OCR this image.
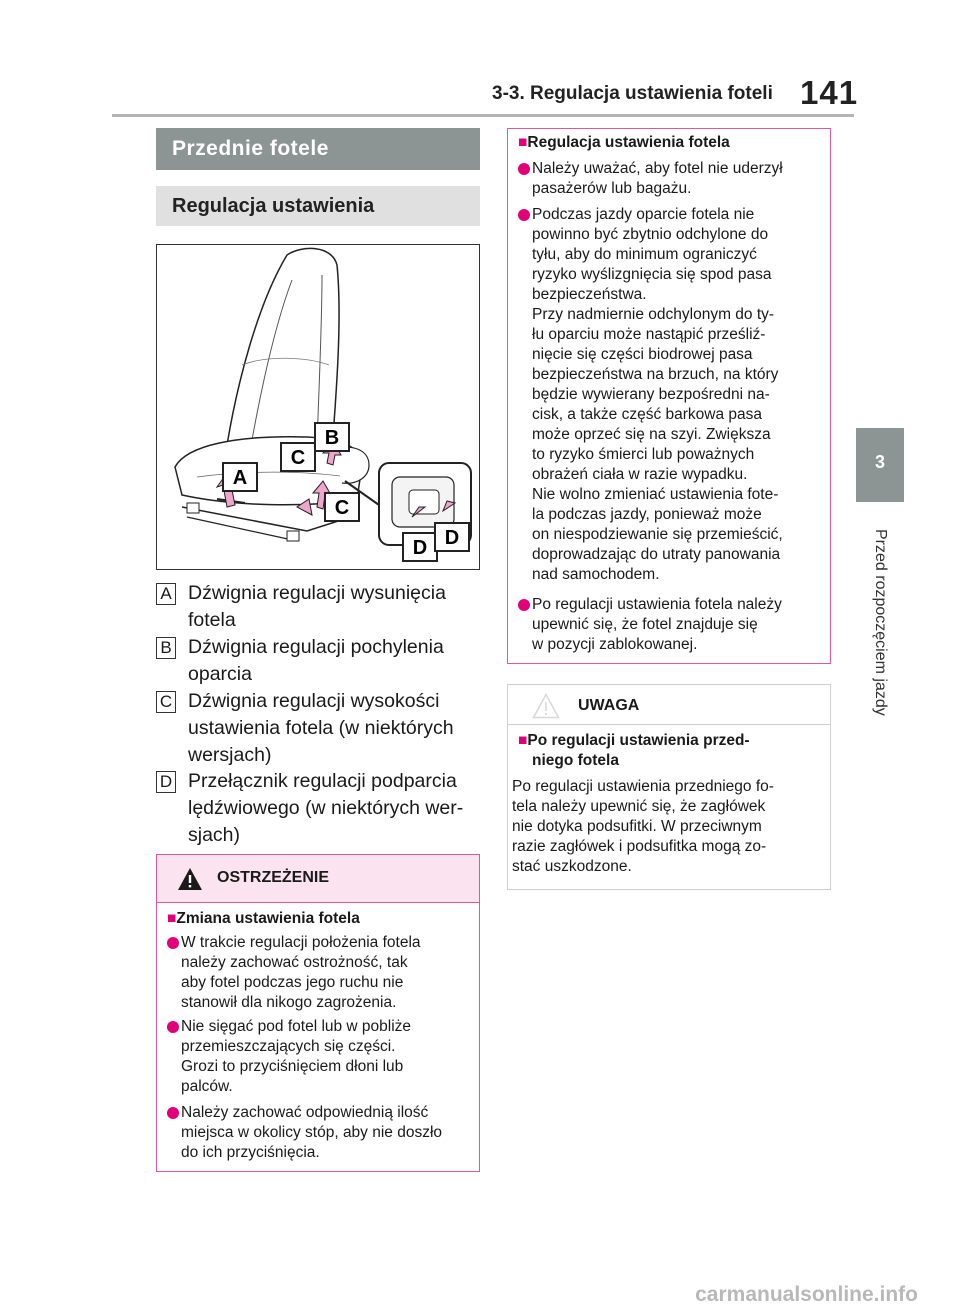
3-3. Regulacja ustawienia foteli 141
3
Przed rozpoczęciem jazdy
Przednie fotele
Regulacja ustawienia
A
B
C
C
D D
A Dźwignia regulacji wysunięcia
fotela
B Dźwignia regulacji pochylenia
oparcia
C Dźwignia regulacji wysokości
ustawienia fotela (w niektórych
wersjach)
D Przełącznik regulacji podparcia
lędźwiowego (w niektórych wer-
sjach)
OSTRZEŻENIE
■Zmiana ustawienia fotela
W trakcie regulacji położenia fotela
należy zachować ostrożność, tak
aby fotel podczas jego ruchu nie
stanowił dla nikogo zagrożenia.
Nie sięgać pod fotel lub w pobliże
przemieszczających się części.
Grozi to przyciśnięciem dłoni lub
palców.
Należy zachować odpowiednią ilość
miejsca w okolicy stóp, aby nie doszło
do ich przyciśnięcia.
■Regulacja ustawienia fotela
Należy uważać, aby fotel nie uderzył
pasażerów lub bagażu.
Podczas jazdy oparcie fotela nie
powinno być zbytnio odchylone do
tyłu, aby do minimum ograniczyć
ryzyko wyślizgnięcia się spod pasa
bezpieczeństwa.
Przy nadmiernie odchylonym do ty-
łu oparciu może nastąpić prześliź-
nięcie się części biodrowej pasa
bezpieczeństwa na brzuch, na który
będzie wywierany bezpośredni na-
cisk, a także część barkowa pasa
może oprzeć się na szyi. Zwiększa
to ryzyko śmierci lub poważnych
obrażeń ciała w razie wypadku.
Nie wolno zmieniać ustawienia fote-
la podczas jazdy, ponieważ może
on niespodziewanie się przemieścić,
doprowadzając do utraty panowania
nad samochodem.
Po regulacji ustawienia fotela należy
upewnić się, że fotel znajduje się
w pozycji zablokowanej.
UWAGA
■Po regulacji ustawienia przed-
niego fotela
Po regulacji ustawienia przedniego fo-
tela należy upewnić się, że zagłówek
nie dotyka podsufitki. W przeciwnym
razie zagłówek i podsufitka mogą zo-
stać uszkodzone.
carmanualsonline.info
